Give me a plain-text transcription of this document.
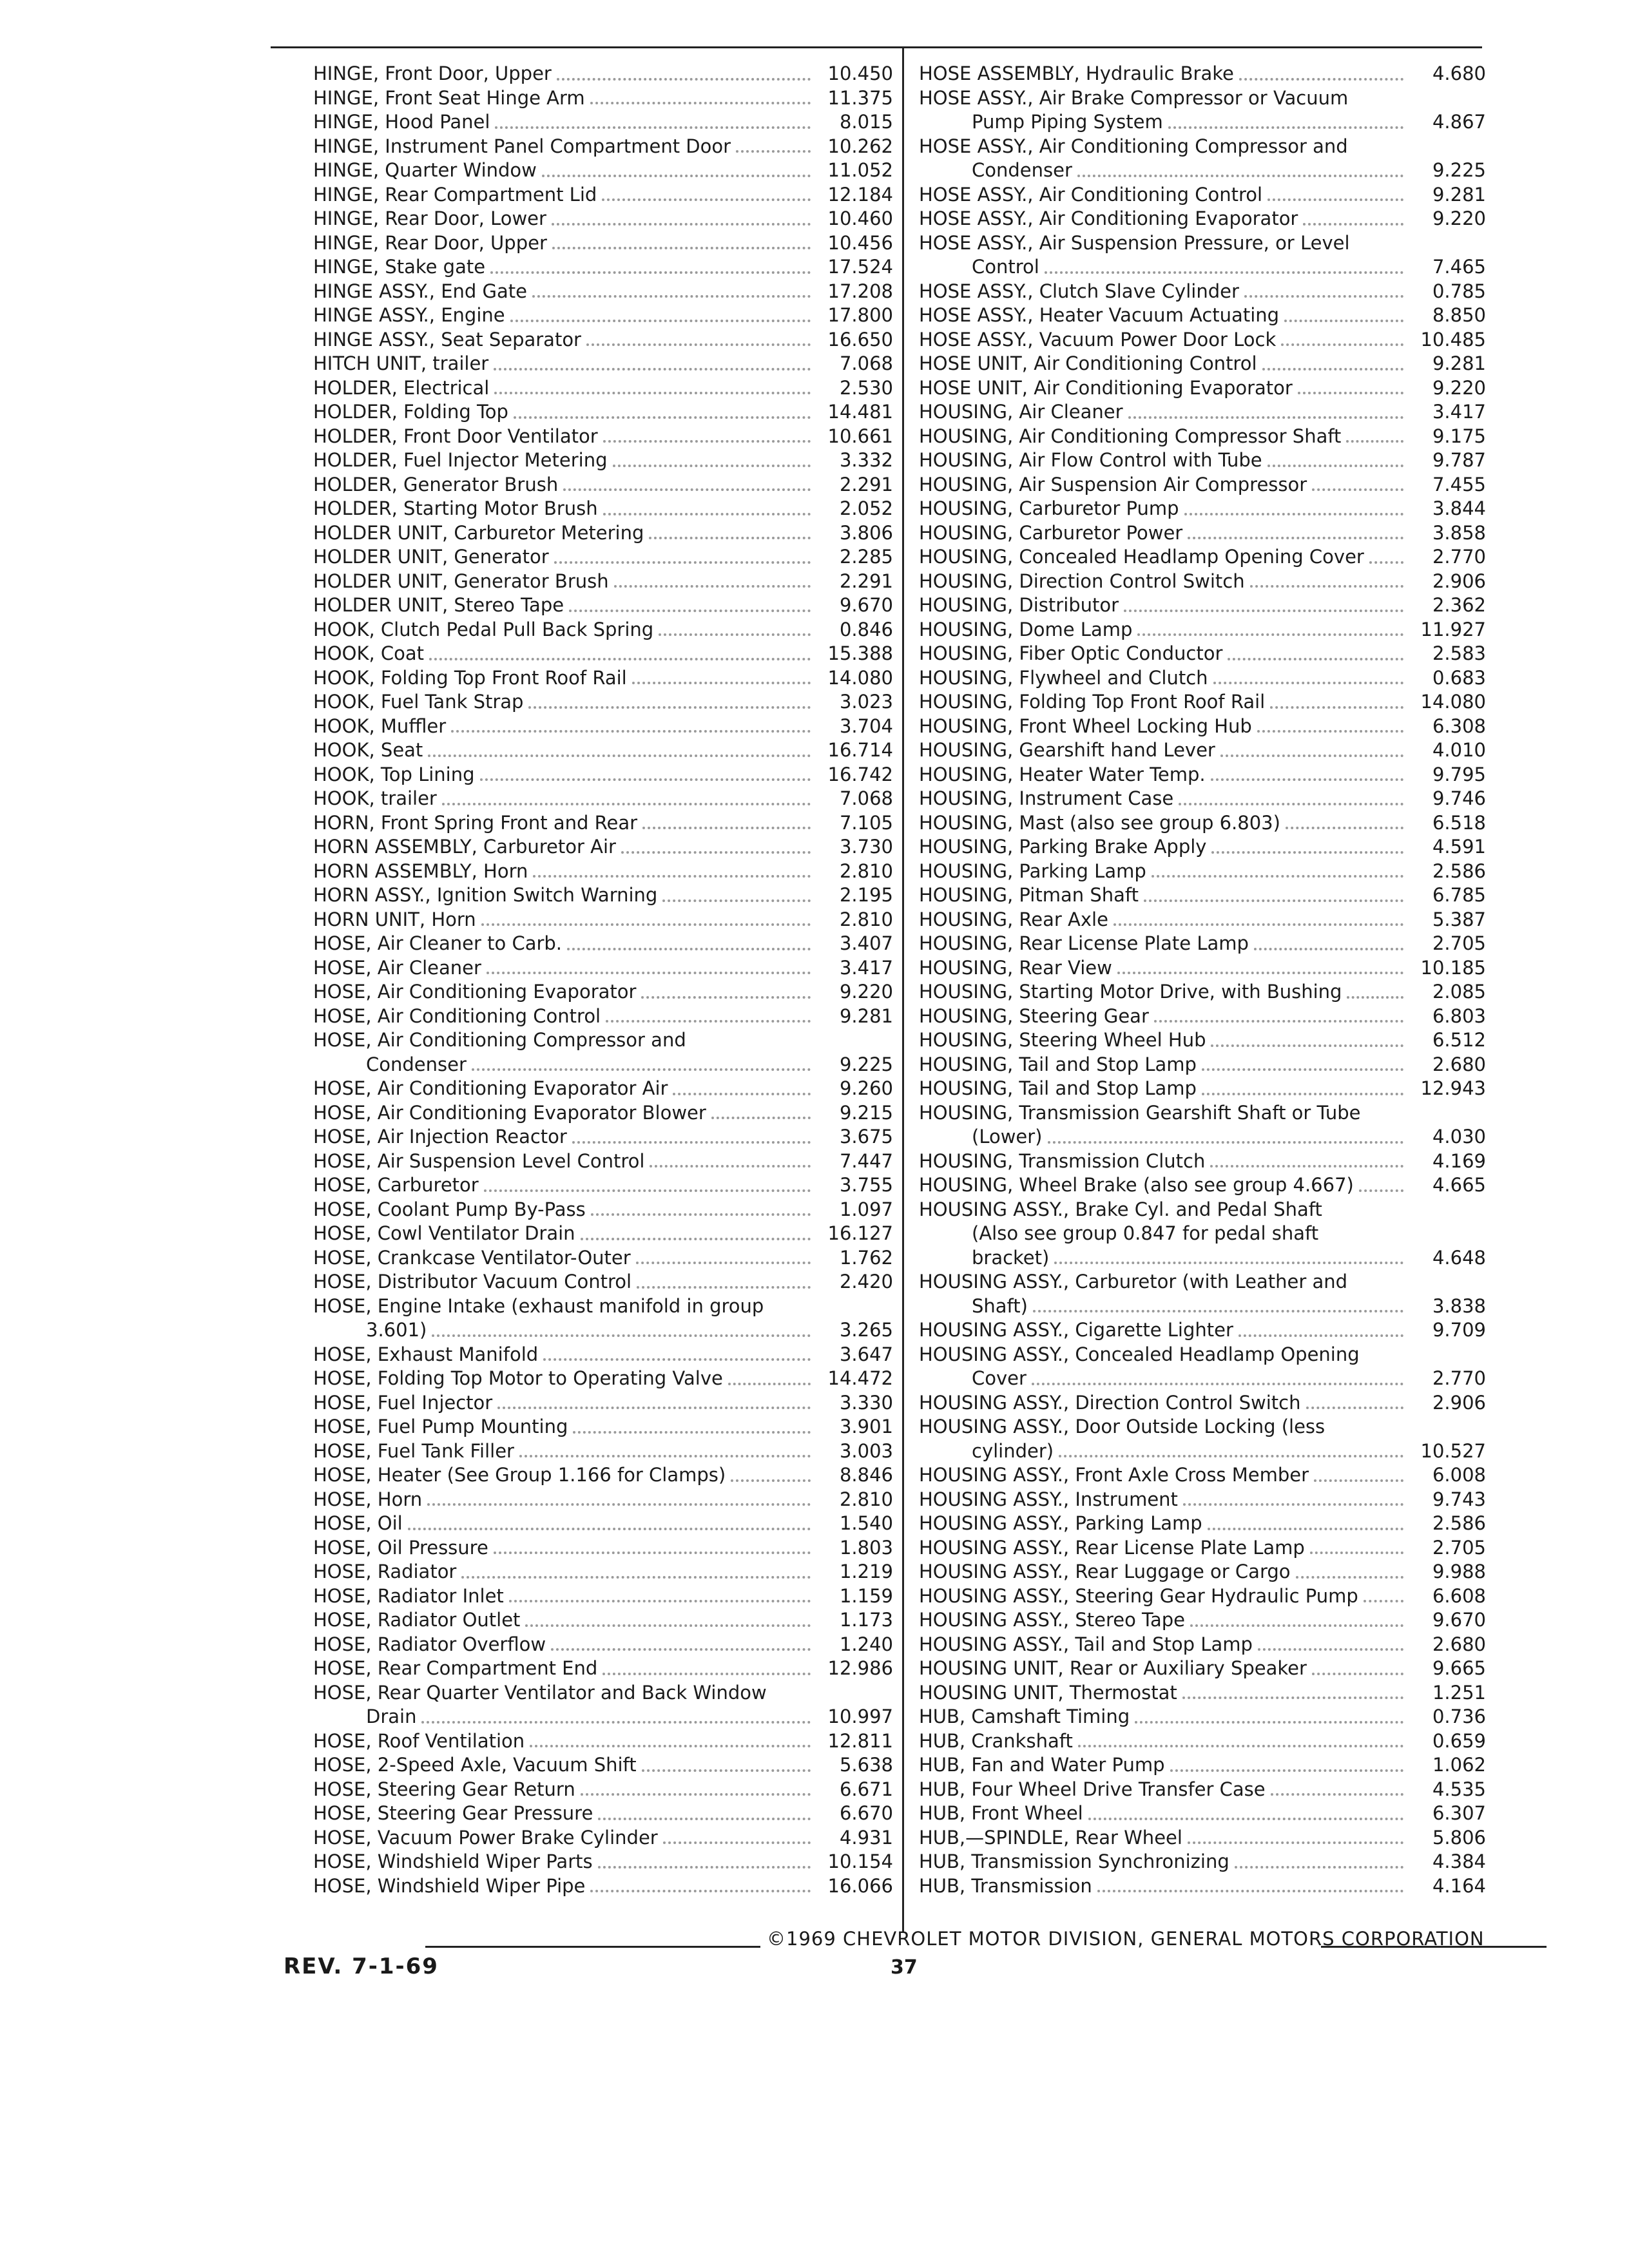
HINGE, Front Door, Upper	10.450
HINGE, Front Seat Hinge Arm	11.375
HINGE, Hood Panel	8.015
HINGE, Instrument Panel Compartment Door	10.262
HINGE, Quarter Window	11.052
HINGE, Rear Compartment Lid	12.184
HINGE, Rear Door, Lower	10.460
HINGE, Rear Door, Upper	10.456
HINGE, Stake gate	17.524
HINGE ASSY., End Gate	17.208
HINGE ASSY., Engine	17.800
HINGE ASSY., Seat Separator	16.650
HITCH UNIT, trailer	7.068
HOLDER, Electrical	2.530
HOLDER, Folding Top	14.481
HOLDER, Front Door Ventilator	10.661
HOLDER, Fuel Injector Metering	3.332
HOLDER, Generator Brush	2.291
HOLDER, Starting Motor Brush	2.052
HOLDER UNIT, Carburetor Metering	3.806
HOLDER UNIT, Generator	2.285
HOLDER UNIT, Generator Brush	2.291
HOLDER UNIT, Stereo Tape	9.670
HOOK, Clutch Pedal Pull Back Spring	0.846
HOOK, Coat	15.388
HOOK, Folding Top Front Roof Rail	14.080
HOOK, Fuel Tank Strap	3.023
HOOK, Muffler	3.704
HOOK, Seat	16.714
HOOK, Top Lining	16.742
HOOK, trailer	7.068
HORN, Front Spring Front and Rear	7.105
HORN ASSEMBLY, Carburetor Air	3.730
HORN ASSEMBLY, Horn	2.810
HORN ASSY., Ignition Switch Warning	2.195
HORN UNIT, Horn	2.810
HOSE, Air Cleaner to Carb.	3.407
HOSE, Air Cleaner	3.417
HOSE, Air Conditioning Evaporator	9.220
HOSE, Air Conditioning Control	9.281
HOSE, Air Conditioning Compressor and
Condenser	9.225
HOSE, Air Conditioning Evaporator Air	9.260
HOSE, Air Conditioning Evaporator Blower	9.215
HOSE, Air Injection Reactor	3.675
HOSE, Air Suspension Level Control	7.447
HOSE, Carburetor	3.755
HOSE, Coolant Pump By-Pass	1.097
HOSE, Cowl Ventilator Drain	16.127
HOSE, Crankcase Ventilator-Outer	1.762
HOSE, Distributor Vacuum Control	2.420
HOSE, Engine Intake (exhaust manifold in group
3.601)	3.265
HOSE, Exhaust Manifold	3.647
HOSE, Folding Top Motor to Operating Valve	14.472
HOSE, Fuel Injector	3.330
HOSE, Fuel Pump Mounting	3.901
HOSE, Fuel Tank Filler	3.003
HOSE, Heater (See Group 1.166 for Clamps)	8.846
HOSE, Horn	2.810
HOSE, Oil	1.540
HOSE, Oil Pressure	1.803
HOSE, Radiator	1.219
HOSE, Radiator Inlet	1.159
HOSE, Radiator Outlet	1.173
HOSE, Radiator Overflow	1.240
HOSE, Rear Compartment End	12.986
HOSE, Rear Quarter Ventilator and Back Window
Drain	10.997
HOSE, Roof Ventilation	12.811
HOSE, 2-Speed Axle, Vacuum Shift	5.638
HOSE, Steering Gear Return	6.671
HOSE, Steering Gear Pressure	6.670
HOSE, Vacuum Power Brake Cylinder	4.931
HOSE, Windshield Wiper Parts	10.154
HOSE, Windshield Wiper Pipe	16.066
HOSE ASSEMBLY, Hydraulic Brake	4.680
HOSE ASSY., Air Brake Compressor or Vacuum
Pump Piping System	4.867
HOSE ASSY., Air Conditioning Compressor and
Condenser	9.225
HOSE ASSY., Air Conditioning Control	9.281
HOSE ASSY., Air Conditioning Evaporator	9.220
HOSE ASSY., Air Suspension Pressure, or Level
Control	7.465
HOSE ASSY., Clutch Slave Cylinder	0.785
HOSE ASSY., Heater Vacuum Actuating	8.850
HOSE ASSY., Vacuum Power Door Lock	10.485
HOSE UNIT, Air Conditioning Control	9.281
HOSE UNIT, Air Conditioning Evaporator	9.220
HOUSING, Air Cleaner	3.417
HOUSING, Air Conditioning Compressor Shaft	9.175
HOUSING, Air Flow Control with Tube	9.787
HOUSING, Air Suspension Air Compressor	7.455
HOUSING, Carburetor Pump	3.844
HOUSING, Carburetor Power	3.858
HOUSING, Concealed Headlamp Opening Cover	2.770
HOUSING, Direction Control Switch	2.906
HOUSING, Distributor	2.362
HOUSING, Dome Lamp	11.927
HOUSING, Fiber Optic Conductor	2.583
HOUSING, Flywheel and Clutch	0.683
HOUSING, Folding Top Front Roof Rail	14.080
HOUSING, Front Wheel Locking Hub	6.308
HOUSING, Gearshift hand Lever	4.010
HOUSING, Heater Water Temp.	9.795
HOUSING, Instrument Case	9.746
HOUSING, Mast (also see group 6.803)	6.518
HOUSING, Parking Brake Apply	4.591
HOUSING, Parking Lamp	2.586
HOUSING, Pitman Shaft	6.785
HOUSING, Rear Axle	5.387
HOUSING, Rear License Plate Lamp	2.705
HOUSING, Rear View	10.185
HOUSING, Starting Motor Drive, with Bushing	2.085
HOUSING, Steering Gear	6.803
HOUSING, Steering Wheel Hub	6.512
HOUSING, Tail and Stop Lamp	2.680
HOUSING, Tail and Stop Lamp	12.943
HOUSING, Transmission Gearshift Shaft or Tube
(Lower)	4.030
HOUSING, Transmission Clutch	4.169
HOUSING, Wheel Brake (also see group 4.667)	4.665
HOUSING ASSY., Brake Cyl. and Pedal Shaft
(Also see group 0.847 for pedal shaft
bracket)	4.648
HOUSING ASSY., Carburetor (with Leather and
Shaft)	3.838
HOUSING ASSY., Cigarette Lighter	9.709
HOUSING ASSY., Concealed Headlamp Opening
Cover	2.770
HOUSING ASSY., Direction Control Switch	2.906
HOUSING ASSY., Door Outside Locking (less
cylinder)	10.527
HOUSING ASSY., Front Axle Cross Member	6.008
HOUSING ASSY., Instrument	9.743
HOUSING ASSY., Parking Lamp	2.586
HOUSING ASSY., Rear License Plate Lamp	2.705
HOUSING ASSY., Rear Luggage or Cargo	9.988
HOUSING ASSY., Steering Gear Hydraulic Pump	6.608
HOUSING ASSY., Stereo Tape	9.670
HOUSING ASSY., Tail and Stop Lamp	2.680
HOUSING UNIT, Rear or Auxiliary Speaker	9.665
HOUSING UNIT, Thermostat	1.251
HUB, Camshaft Timing	0.736
HUB, Crankshaft	0.659
HUB, Fan and Water Pump	1.062
HUB, Four Wheel Drive Transfer Case	4.535
HUB, Front Wheel	6.307
HUB,—SPINDLE, Rear Wheel	5.806
HUB, Transmission Synchronizing	4.384
HUB, Transmission	4.164
©1969 CHEVROLET MOTOR DIVISION, GENERAL MOTORS CORPORATION
REV. 7-1-69	37
